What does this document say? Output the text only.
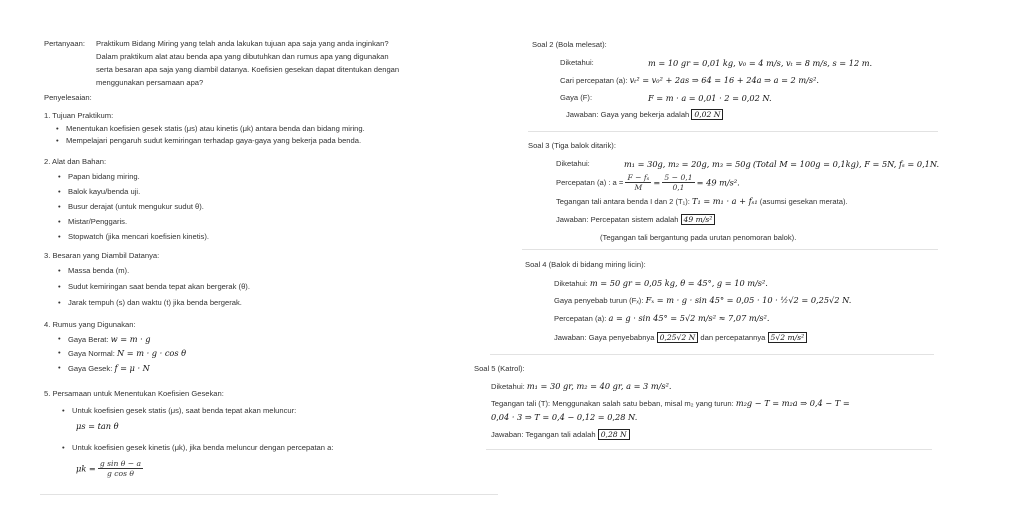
Pertanyaan: Praktikum Bidang Miring yang telah anda lakukan tujuan apa saja yang anda inginkan?
Dalam praktikum alat atau benda apa yang dibutuhkan dan rumus apa yang digunakan
serta besaran apa saja yang diambil datanya. Koefisien gesekan dapat ditentukan dengan
menggunakan persamaan apa?
Penyelesaian:
1. Tujuan Praktikum:
• Menentukan koefisien gesek statis (μs) atau kinetis (μk) antara benda dan bidang miring.
• Mempelajari pengaruh sudut kemiringan terhadap gaya-gaya yang bekerja pada benda.
2. Alat dan Bahan:
• Papan bidang miring.
• Balok kayu/benda uji.
• Busur derajat (untuk mengukur sudut θ).
• Mistar/Penggaris.
• Stopwatch (jika mencari koefisien kinetis).
3. Besaran yang Diambil Datanya:
• Massa benda (m).
• Sudut kemiringan saat benda tepat akan bergerak (θ).
• Jarak tempuh (s) dan waktu (t) jika benda bergerak.
4. Rumus yang Digunakan:
• Gaya Berat: w = m · g
• Gaya Normal: N = m · g · cos θ
• Gaya Gesek: f = μ · N
5. Persamaan untuk Menentukan Koefisien Gesekan:
• Untuk koefisien gesek statis (μs), saat benda tepat akan meluncur:
μs = tan θ
• Untuk koefisien gesek kinetis (μk), jika benda meluncur dengan percepatan a:
$\mu k = \frac{\text{g sin θ − a}}{\text{g cos θ}}$
Soal 2 (Bola melesat):
Diketahui:	m = 10 gr = 0,01 kg, v₀ = 4 m/s, vₜ = 8 m/s, s = 12 m.
Cari percepatan (a): vₜ² = v₀² + 2as ⇒ 64 = 16 + 24a ⇒ a = 2 m/s².
Gaya (F):	F = m · a = 0,01 · 2 = 0,02 N.
Jawaban: Gaya yang bekerja adalah 0,02 N
Soal 3 (Tiga balok ditarik):
Diketahui:	m₁ = 30g, m₂ = 20g, m₃ = 50g (Total M = 100g = 0,1kg), F = 5N, fₛ = 0,1N.
Percepatan (a) : $a = \frac{\text{F − fₛ}}{M} = \frac{5 - 0,1}{0,1} = 49$ m/s².
Tegangan tali antara benda I dan 2 (T₁): T₁ = m₁ · a + fₛ₁ (asumsi gesekan merata).
Jawaban: Percepatan sistem adalah 49 m/s²
(Tegangan tali bergantung pada urutan penomoran balok).
Soal 4 (Balok di bidang miring licin):
Diketahui: m = 50 gr = 0,05 kg, θ = 45°, g = 10 m/s².
Gaya penyebab turun (Fₓ): Fₓ = m · g · sin 45° = 0,05 · 10 · ½√2 = 0,25√2 N.
Percepatan (a): a = g · sin 45° = 5√2 m/s² ≈ 7,07 m/s².
Jawaban: Gaya penyebabnya 0,25√2 N dan percepatannya 5√2 m/s²
Soal 5 (Katrol):
Diketahui: m₁ = 30 gr, m₂ = 40 gr, a = 3 m/s².
Tegangan tali (T): Menggunakan salah satu beban, misal m₂ yang turun: m₂g − T = m₂a ⇒ 0,4 − T =
0,04 · 3 ⇒ T = 0,4 − 0,12 = 0,28 N.
Jawaban: Tegangan tali adalah 0,28 N
